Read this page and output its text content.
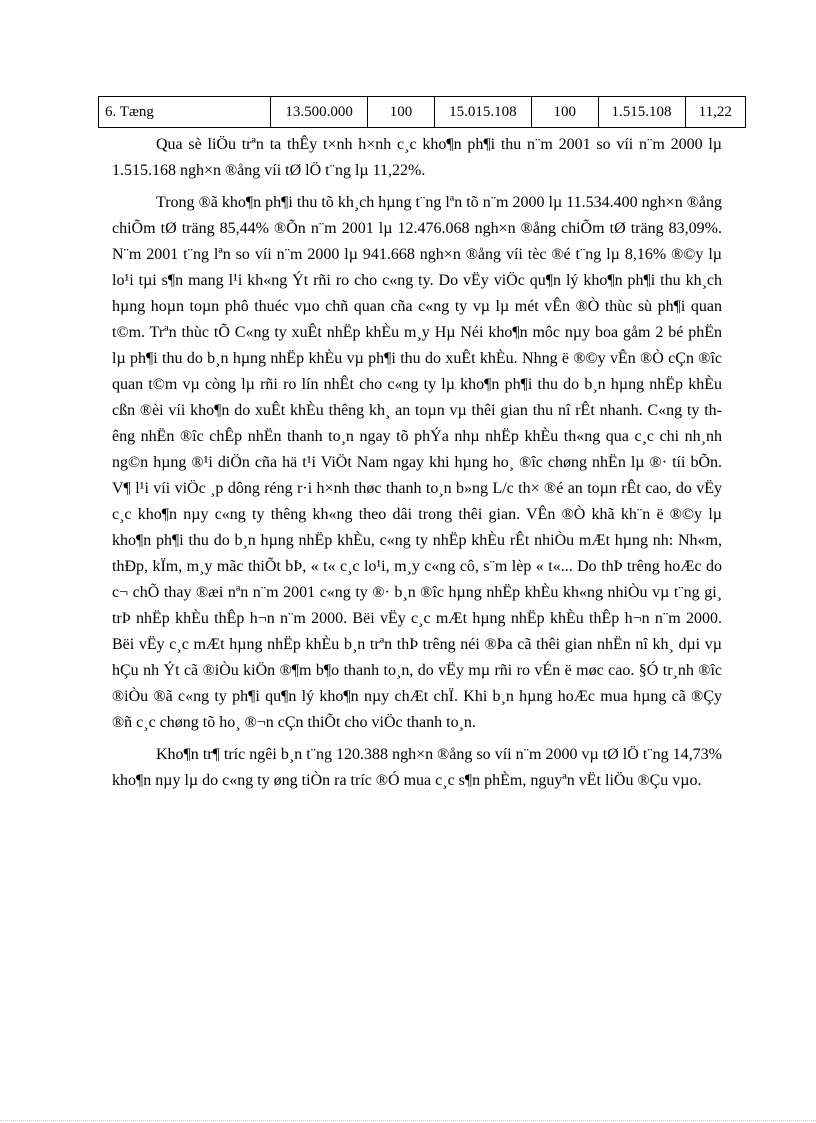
6. Tæng	13.500.000	100	15.015.108	100	1.515.108	11,22

Qua sè liÖu trªn ta thÊy t×nh h×nh c¸c kho¶n ph¶i thu n¨m 2001 so víi n¨m 2000 lµ 1.515.168 ngh×n ®ång víi tØ lÖ t¨ng lµ 11,22%.

Trong ®ã kho¶n ph¶i thu tõ kh¸ch hµng t¨ng lªn tõ n¨m 2000 lµ 11.534.400 ngh×n ®ång chiÕm tØ träng 85,44% ®Õn n¨m 2001 lµ 12.476.068 ngh×n ®ång chiÕm tØ träng 83,09%. N¨m 2001 t¨ng lªn so víi n¨m 2000 lµ 941.668 ngh×n ®ång víi tèc ®é t¨ng lµ 8,16% ®©y lµ lo¹i tµi s¶n mang l¹i kh«ng Ýt rñi ro cho c«ng ty. Do vËy viÖc qu¶n lý kho¶n ph¶i thu kh¸ch hµng hoµn toµn phô thuéc vµo chñ quan cña c«ng ty vµ lµ mét vÊn ®Ò thùc sù ph¶i quan t©m. Trªn thùc tÕ C«ng ty xuÊt nhËp khÈu m¸y Hµ Néi kho¶n môc nµy boa gåm 2 bé phËn lµ ph¶i thu do b¸n hµng nhËp khÈu vµ ph¶i thu do xuÊt khÈu. Nhng ë ®©y vÊn ®Ò cÇn ®îc quan t©m vµ còng lµ rñi ro lín nhÊt cho c«ng ty lµ kho¶n ph¶i thu do b¸n hµng nhËp khÈu cßn ®èi víi kho¶n do xuÊt khÈu thêng kh¸ an toµn vµ thêi gian thu nî rÊt nhanh. C«ng ty thêng nhËn ®îc chÊp nhËn thanh to¸n ngay tõ phÝa nhµ nhËp khÈu th«ng qua c¸c chi nh¸nh ng©n hµng ®¹i diÖn cña hä t¹i ViÖt Nam ngay khi hµng ho¸ ®îc chøng nhËn lµ ®· tíi bÕn. V¶ l¹i víi viÖc ¸p dông réng r·i h×nh thøc thanh to¸n b»ng L/c th× ®é an toµn rÊt cao, do vËy c¸c kho¶n nµy c«ng ty thêng kh«ng theo dâi trong thêi gian. VÊn ®Ò khã kh¨n ë ®©y lµ kho¶n ph¶i thu do b¸n hµng nhËp khÈu, c«ng ty nhËp khÈu rÊt nhiÒu mÆt hµng nh: Nh«m, thÐp, kÏm, m¸y mãc thiÕt bÞ, « t« c¸c lo¹i, m¸y c«ng cô, s¨m lèp « t«... Do thÞ trêng hoÆc do c¬ chÕ thay ®æi nªn n¨m 2001 c«ng ty ®· b¸n ®îc hµng nhËp khÈu kh«ng nhiÒu vµ t¨ng gi¸ trÞ nhËp khÈu thÊp h¬n n¨m 2000. Bëi vËy c¸c mÆt hµng nhËp khÈu thÊp h¬n n¨m 2000. Bëi vËy c¸c mÆt hµng nhËp khÈu b¸n trªn thÞ trêng néi ®Þa cã thêi gian nhËn nî kh¸ dµi vµ hÇu nh Ýt cã ®iÒu kiÖn ®¶m b¶o thanh to¸n, do vËy mµ rñi ro vÉn ë møc cao. §Ó tr¸nh ®îc ®iÒu ®ã c«ng ty ph¶i qu¶n lý kho¶n nµy chÆt chÏ. Khi b¸n hµng hoÆc mua hµng cã ®Çy ®ñ c¸c chøng tõ ho¸ ®¬n cÇn thiÕt cho viÖc thanh to¸n.

Kho¶n tr¶ tríc ngêi b¸n t¨ng 120.388 ngh×n ®ång so víi n¨m 2000 vµ tØ lÖ t¨ng 14,73% kho¶n nµy lµ do c«ng ty øng tiÒn ra tríc ®Ó mua c¸c s¶n phÈm, nguyªn vËt liÖu ®Çu vµo.
